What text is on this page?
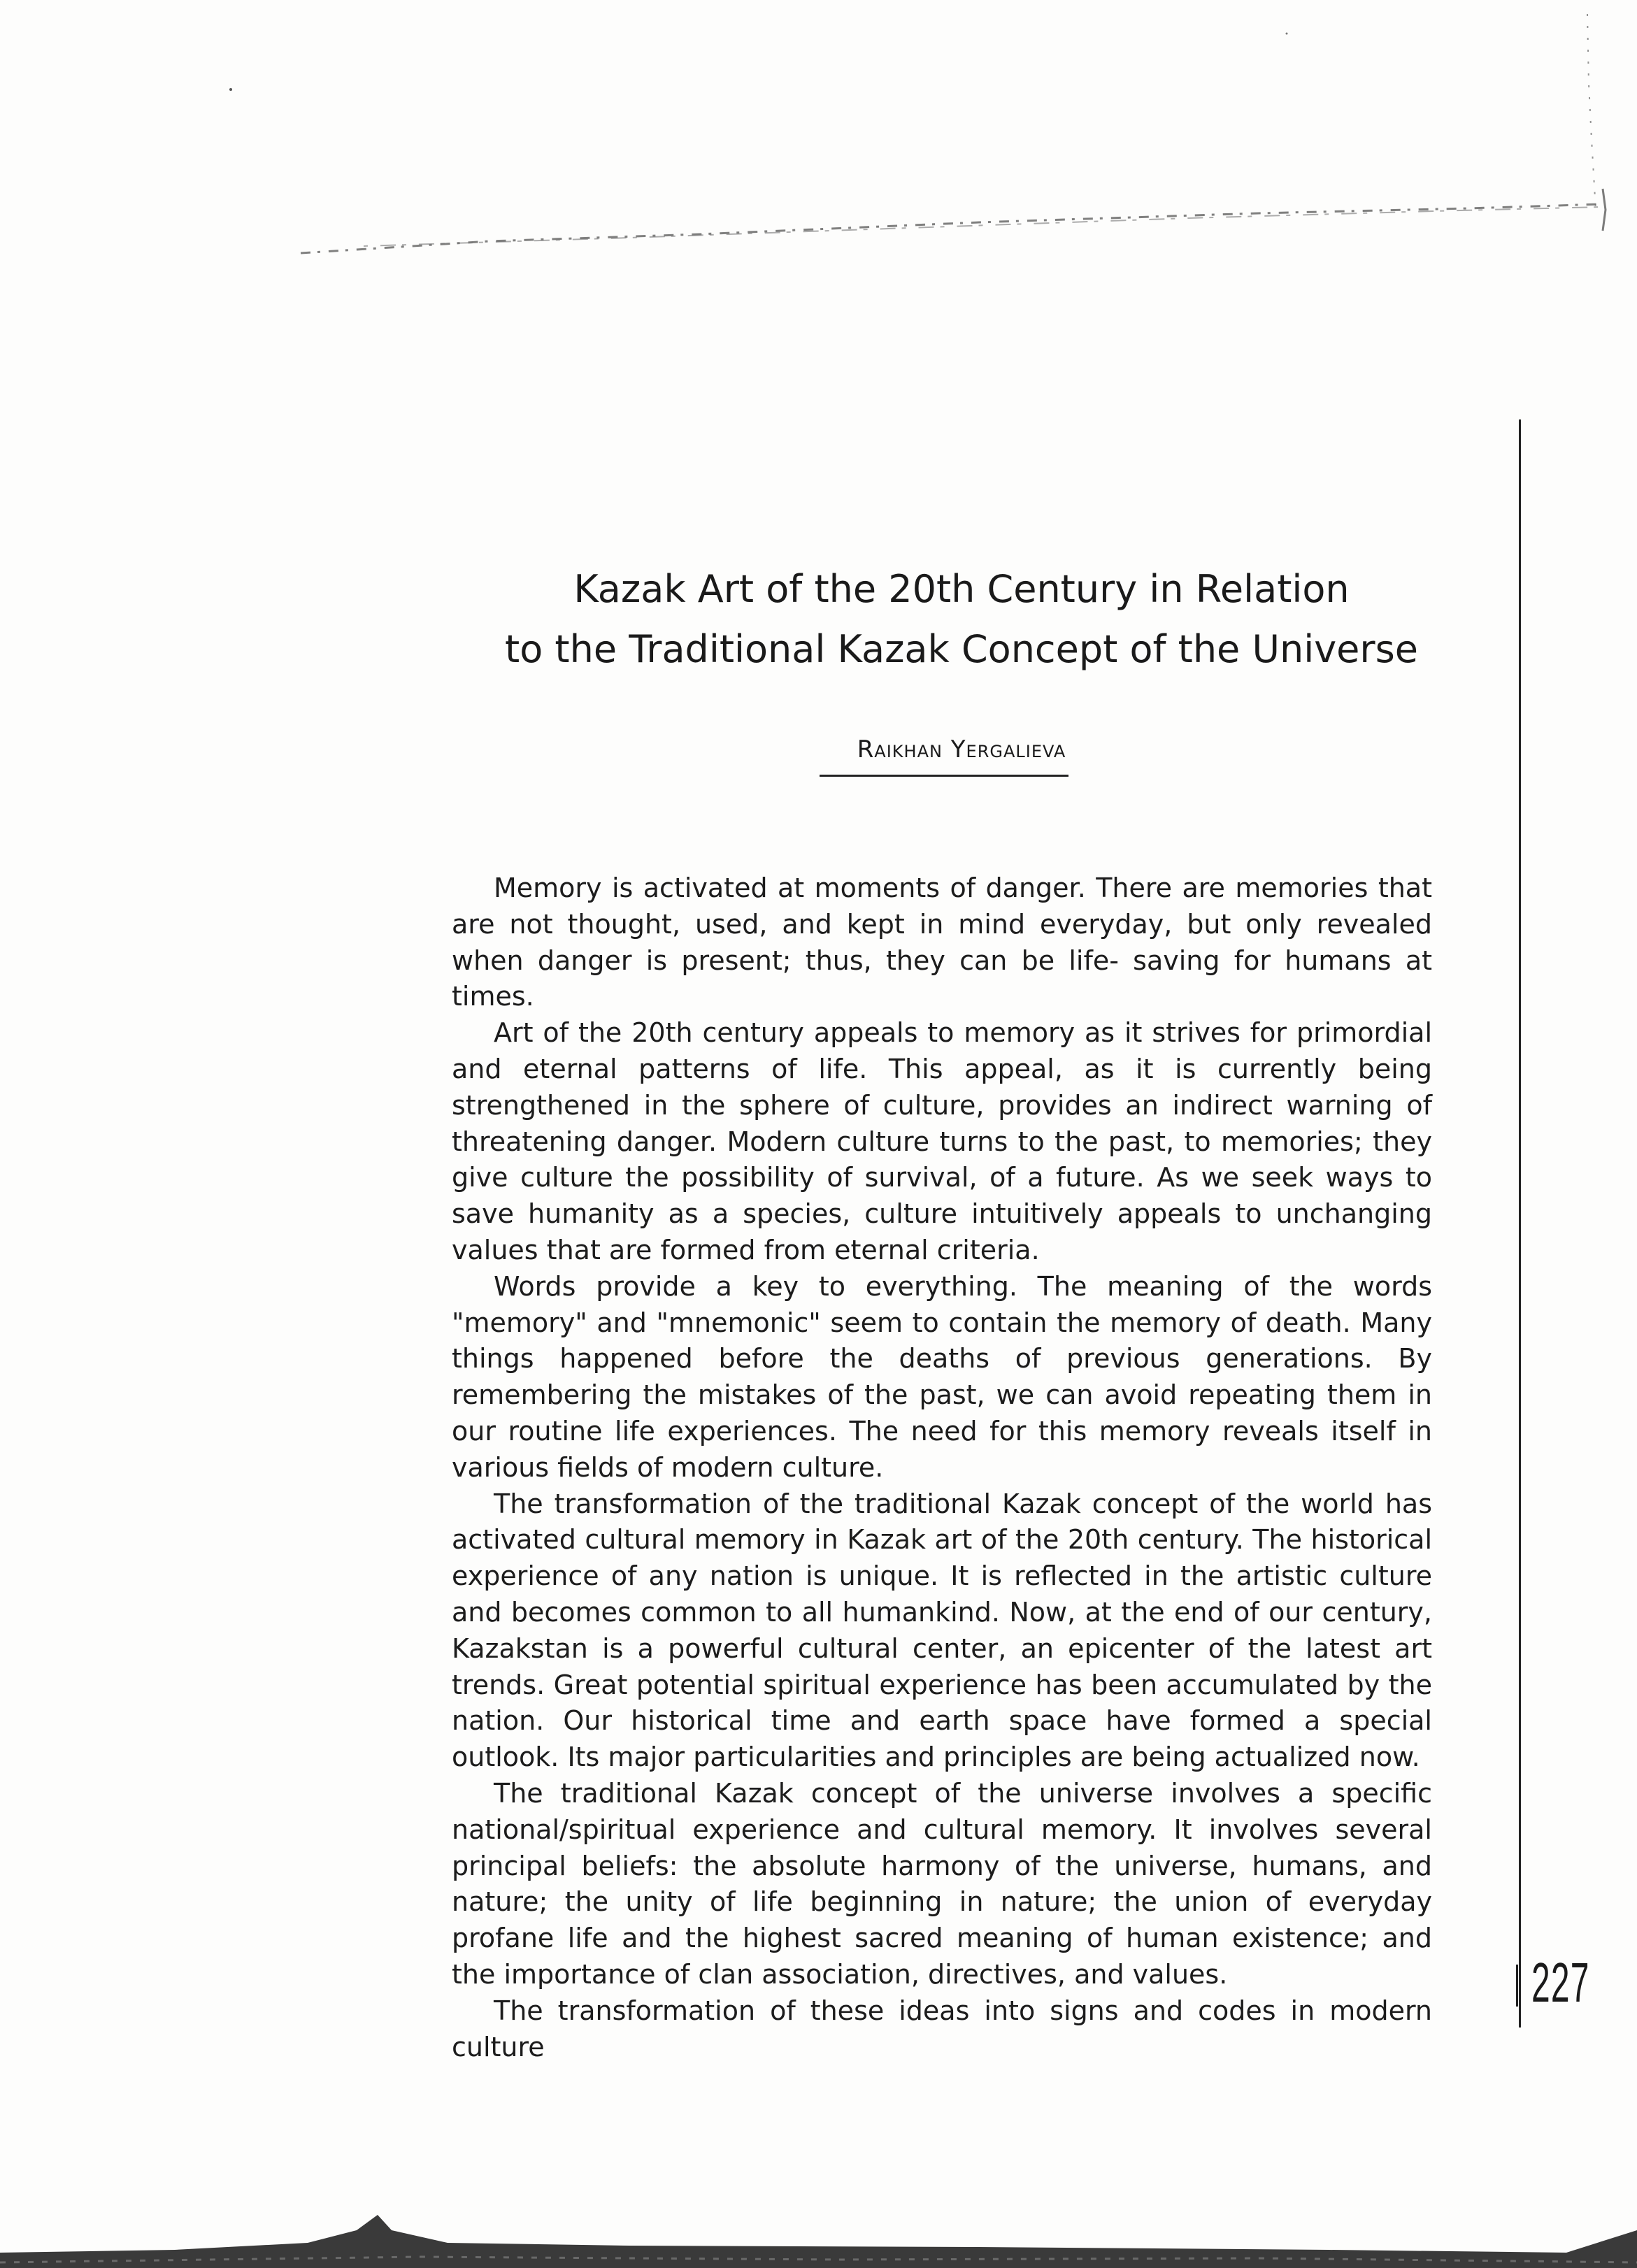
Kazak Art of the 20th Century in Relation
to the Traditional Kazak Concept of the Universe
Raikhan Yergalieva

Memory is activated at moments of danger. There are memories that are not thought, used, and kept in mind everyday, but only revealed when danger is present; thus, they can be life- saving for humans at times.

Art of the 20th century appeals to memory as it strives for primordial and eternal patterns of life. This appeal, as it is currently being strengthened in the sphere of culture, provides an indirect warning of threatening danger. Modern culture turns to the past, to memories; they give culture the possibility of survival, of a future. As we seek ways to save humanity as a species, culture intuitively appeals to unchanging values that are formed from eternal criteria.

Words provide a key to everything. The meaning of the words "memory" and "mnemonic" seem to contain the memory of death. Many things happened before the deaths of previous generations. By remembering the mistakes of the past, we can avoid repeating them in our routine life experiences. The need for this memory reveals itself in various fields of modern culture.

The transformation of the traditional Kazak concept of the world has activated cultural memory in Kazak art of the 20th century. The historical experience of any nation is unique. It is reflected in the artistic culture and becomes common to all humankind. Now, at the end of our century, Kazakstan is a powerful cultural center, an epicenter of the latest art trends. Great potential spiritual experience has been accumulated by the nation. Our historical time and earth space have formed a special outlook. Its major particularities and principles are being actualized now.

The traditional Kazak concept of the universe involves a specific national/spiritual experience and cultural memory. It involves several principal beliefs: the absolute harmony of the universe, humans, and nature; the unity of life beginning in nature; the union of everyday profane life and the highest sacred meaning of human existence; and the importance of clan association, directives, and values.

The transformation of these ideas into signs and codes in modern culture

227
